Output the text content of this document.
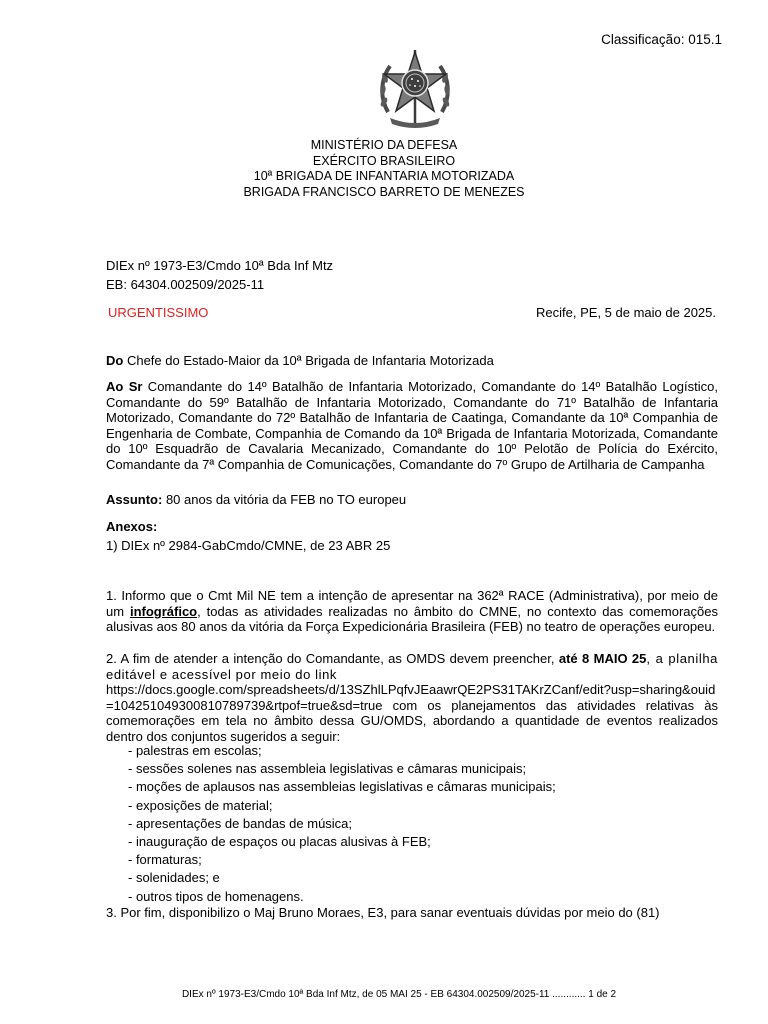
Classificação: 015.1
MINISTÉRIO DA DEFESA
EXÉRCITO BRASILEIRO
10ª BRIGADA DE INFANTARIA MOTORIZADA
BRIGADA FRANCISCO BARRETO DE MENEZES
DIEx nº 1973-E3/Cmdo 10ª Bda Inf Mtz
EB: 64304.002509/2025-11
URGENTISSIMO	Recife, PE, 5 de maio de 2025.
Do Chefe do Estado-Maior da 10ª Brigada de Infantaria Motorizada
Ao Sr Comandante do 14º Batalhão de Infantaria Motorizado, Comandante do 14º Batalhão Logístico, Comandante do 59º Batalhão de Infantaria Motorizado, Comandante do 71º Batalhão de Infantaria Motorizado, Comandante do 72º Batalhão de Infantaria de Caatinga, Comandante da 10ª Companhia de Engenharia de Combate, Companhia de Comando da 10ª Brigada de Infantaria Motorizada, Comandante do 10º Esquadrão de Cavalaria Mecanizado, Comandante do 10º Pelotão de Polícia do Exército, Comandante da 7ª Companhia de Comunicações, Comandante do 7º Grupo de Artilharia de Campanha
Assunto: 80 anos da vitória da FEB no TO europeu
Anexos:
1) DIEx nº 2984-GabCmdo/CMNE, de 23 ABR 25
1. Informo que o Cmt Mil NE tem a intenção de apresentar na 362ª RACE (Administrativa), por meio de um infográfico, todas as atividades realizadas no âmbito do CMNE, no contexto das comemorações alusivas aos 80 anos da vitória da Força Expedicionária Brasileira (FEB) no teatro de operações europeu.
2. A fim de atender a intenção do Comandante, as OMDS devem preencher, até 8 MAIO 25, a planilha editável e acessível por meio do link
https://docs.google.com/spreadsheets/d/13SZhlLPqfvJEaawrQE2PS31TAKrZCanf/edit?usp=sharing&ouid=104251049300810789739&rtpof=true&sd=true com os planejamentos das atividades relativas às comemorações em tela no âmbito dessa GU/OMDS, abordando a quantidade de eventos realizados dentro dos conjuntos sugeridos a seguir:
- palestras em escolas;
- sessões solenes nas assembleia legislativas e câmaras municipais;
- moções de aplausos nas assembleias legislativas e câmaras municipais;
- exposições de material;
- apresentações de bandas de música;
- inauguração de espaços ou placas alusivas à FEB;
- formaturas;
- solenidades; e
- outros tipos de homenagens.
3. Por fim, disponibilizo o Maj Bruno Moraes, E3, para sanar eventuais dúvidas por meio do (81)
DIEx nº 1973-E3/Cmdo 10ª Bda Inf Mtz, de 05 MAI 25 - EB 64304.002509/2025-11 ............ 1 de 2
